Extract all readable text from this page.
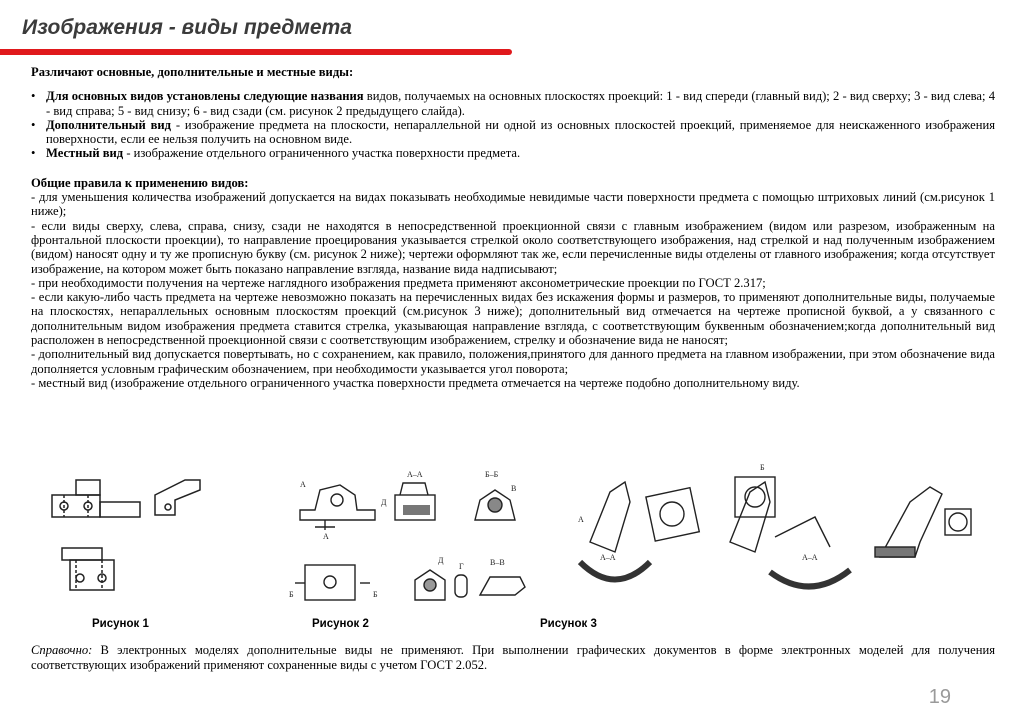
Изображения - виды предмета

Различают основные, дополнительные и местные виды:

• Для основных видов установлены следующие названия видов, получаемых на основных плоскостях проекций: 1 - вид спереди (главный вид); 2 - вид сверху; 3 - вид слева; 4 - вид справа; 5 - вид снизу; 6 - вид сзади (см. рисунок 2 предыдущего слайда).
• Дополнительный вид - изображение предмета на плоскости, непараллельной ни одной из основных плоскостей проекций, применяемое для неискаженного изображения поверхности, если ее нельзя получить на основном виде.
• Местный вид - изображение отдельного ограниченного участка поверхности предмета.

Общие правила к применению видов:

- для уменьшения количества изображений допускается на видах показывать необходимые невидимые части поверхности предмета с помощью штриховых линий (см.рисунок 1 ниже);

- если виды сверху, слева, справа, снизу, сзади не находятся в непосредственной проекционной связи с главным изображением (видом или разрезом, изображенным на фронтальной плоскости проекции), то направление проецирования указывается стрелкой около соответствующего изображения, над стрелкой и над полученным изображением (видом) наносят одну и ту же прописную букву (см. рисунок 2 ниже); чертежи оформляют так же, если перечисленные виды отделены от главного изображения; когда отсутствует изображение, на котором может быть показано направление взгляда, название вида надписывают;

- при необходимости получения на чертеже наглядного изображения предмета применяют аксонометрические проекции по ГОСТ 2.317;

- если какую-либо часть предмета на чертеже невозможно показать на перечисленных видах без искажения формы и размеров, то применяют дополнительные виды, получаемые на плоскостях, непараллельных основным плоскостям проекций (см.рисунок 3 ниже); дополнительный вид отмечается на чертеже прописной буквой, а у связанного с дополнительным видом изображения предмета ставится стрелка, указывающая направление взгляда, с соответствующим буквенным обозначением;когда дополнительный вид расположен в непосредственной проекционной связи с соответствующим изображением, стрелку и обозначение вида не наносят;

- дополнительный вид допускается повертывать, но с сохранением, как правило, положения,принятого для данного предмета на главном изображении, при этом обозначение вида дополняется условным графическим обозначением, при необходимости указывается угол поворота;

- местный вид (изображение отдельного ограниченного участка поверхности предмета отмечается на чертеже подобно дополнительному виду.

А
А
Д
А–А	Б–Б
В
Б	Б
Д
Г	В–В
А
А–А
Б
А–А
Рисунок 1	Рисунок 2	Рисунок 3
Справочно: В электронных моделях дополнительные виды не применяют. При выполнении графических документов в форме электронных моделей для получения соответствующих изображений применяют сохраненные виды с учетом ГОСТ 2.052.
19
